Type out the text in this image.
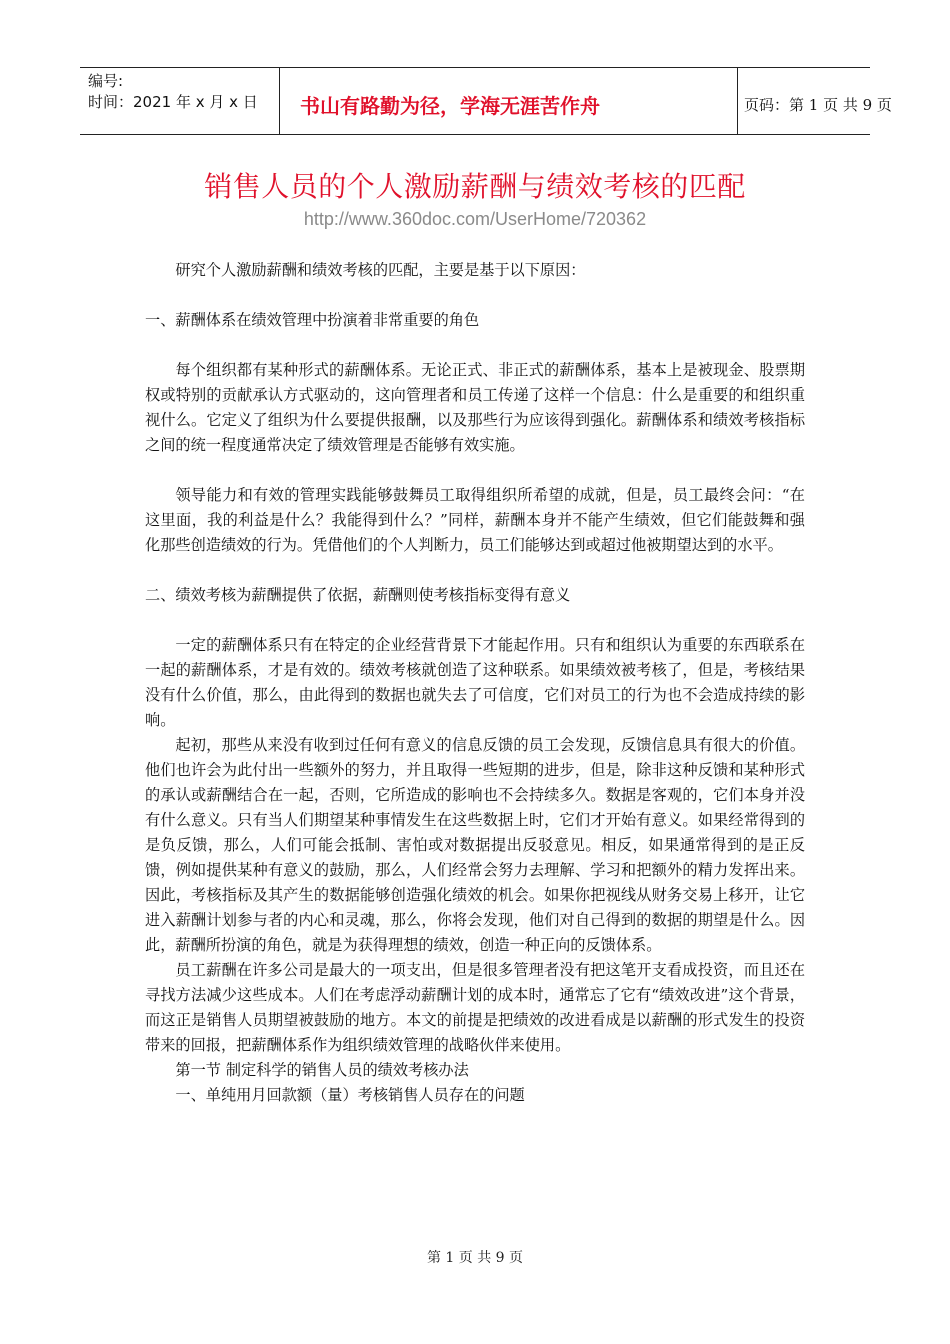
编号:
时间：2021 年 x 月 x 日	书山有路勤为径，学海无涯苦作舟	页码：第 1 页 共 9 页
销售人员的个人激励薪酬与绩效考核的匹配
http://www.360doc.com/UserHome/720362

研究个人激励薪酬和绩效考核的匹配，主要是基于以下原因：

一、薪酬体系在绩效管理中扮演着非常重要的角色

每个组织都有某种形式的薪酬体系。无论正式、非正式的薪酬体系，基本上是被现金、股票期权或特别的贡献承认方式驱动的，这向管理者和员工传递了这样一个信息：什么是重要的和组织重视什么。它定义了组织为什么要提供报酬，以及那些行为应该得到强化。薪酬体系和绩效考核指标之间的统一程度通常决定了绩效管理是否能够有效实施。

领导能力和有效的管理实践能够鼓舞员工取得组织所希望的成就，但是，员工最终会问：“在这里面，我的利益是什么？我能得到什么？”同样，薪酬本身并不能产生绩效，但它们能鼓舞和强化那些创造绩效的行为。凭借他们的个人判断力，员工们能够达到或超过他被期望达到的水平。

二、绩效考核为薪酬提供了依据，薪酬则使考核指标变得有意义

一定的薪酬体系只有在特定的企业经营背景下才能起作用。只有和组织认为重要的东西联系在一起的薪酬体系，才是有效的。绩效考核就创造了这种联系。如果绩效被考核了，但是，考核结果没有什么价值，那么，由此得到的数据也就失去了可信度，它们对员工的行为也不会造成持续的影响。

起初，那些从来没有收到过任何有意义的信息反馈的员工会发现，反馈信息具有很大的价值。他们也许会为此付出一些额外的努力，并且取得一些短期的进步，但是，除非这种反馈和某种形式的承认或薪酬结合在一起，否则，它所造成的影响也不会持续多久。数据是客观的，它们本身并没有什么意义。只有当人们期望某种事情发生在这些数据上时，它们才开始有意义。如果经常得到的是负反馈，那么，人们可能会抵制、害怕或对数据提出反驳意见。相反，如果通常得到的是正反馈，例如提供某种有意义的鼓励，那么，人们经常会努力去理解、学习和把额外的精力发挥出来。因此，考核指标及其产生的数据能够创造强化绩效的机会。如果你把视线从财务交易上移开，让它进入薪酬计划参与者的内心和灵魂，那么，你将会发现，他们对自己得到的数据的期望是什么。因此，薪酬所扮演的角色，就是为获得理想的绩效，创造一种正向的反馈体系。

员工薪酬在许多公司是最大的一项支出，但是很多管理者没有把这笔开支看成投资，而且还在寻找方法减少这些成本。人们在考虑浮动薪酬计划的成本时，通常忘了它有“绩效改进”这个背景，而这正是销售人员期望被鼓励的地方。本文的前提是把绩效的改进看成是以薪酬的形式发生的投资带来的回报，把薪酬体系作为组织绩效管理的战略伙伴来使用。

第一节 制定科学的销售人员的绩效考核办法

一、单纯用月回款额（量）考核销售人员存在的问题

第 1 页 共 9 页
